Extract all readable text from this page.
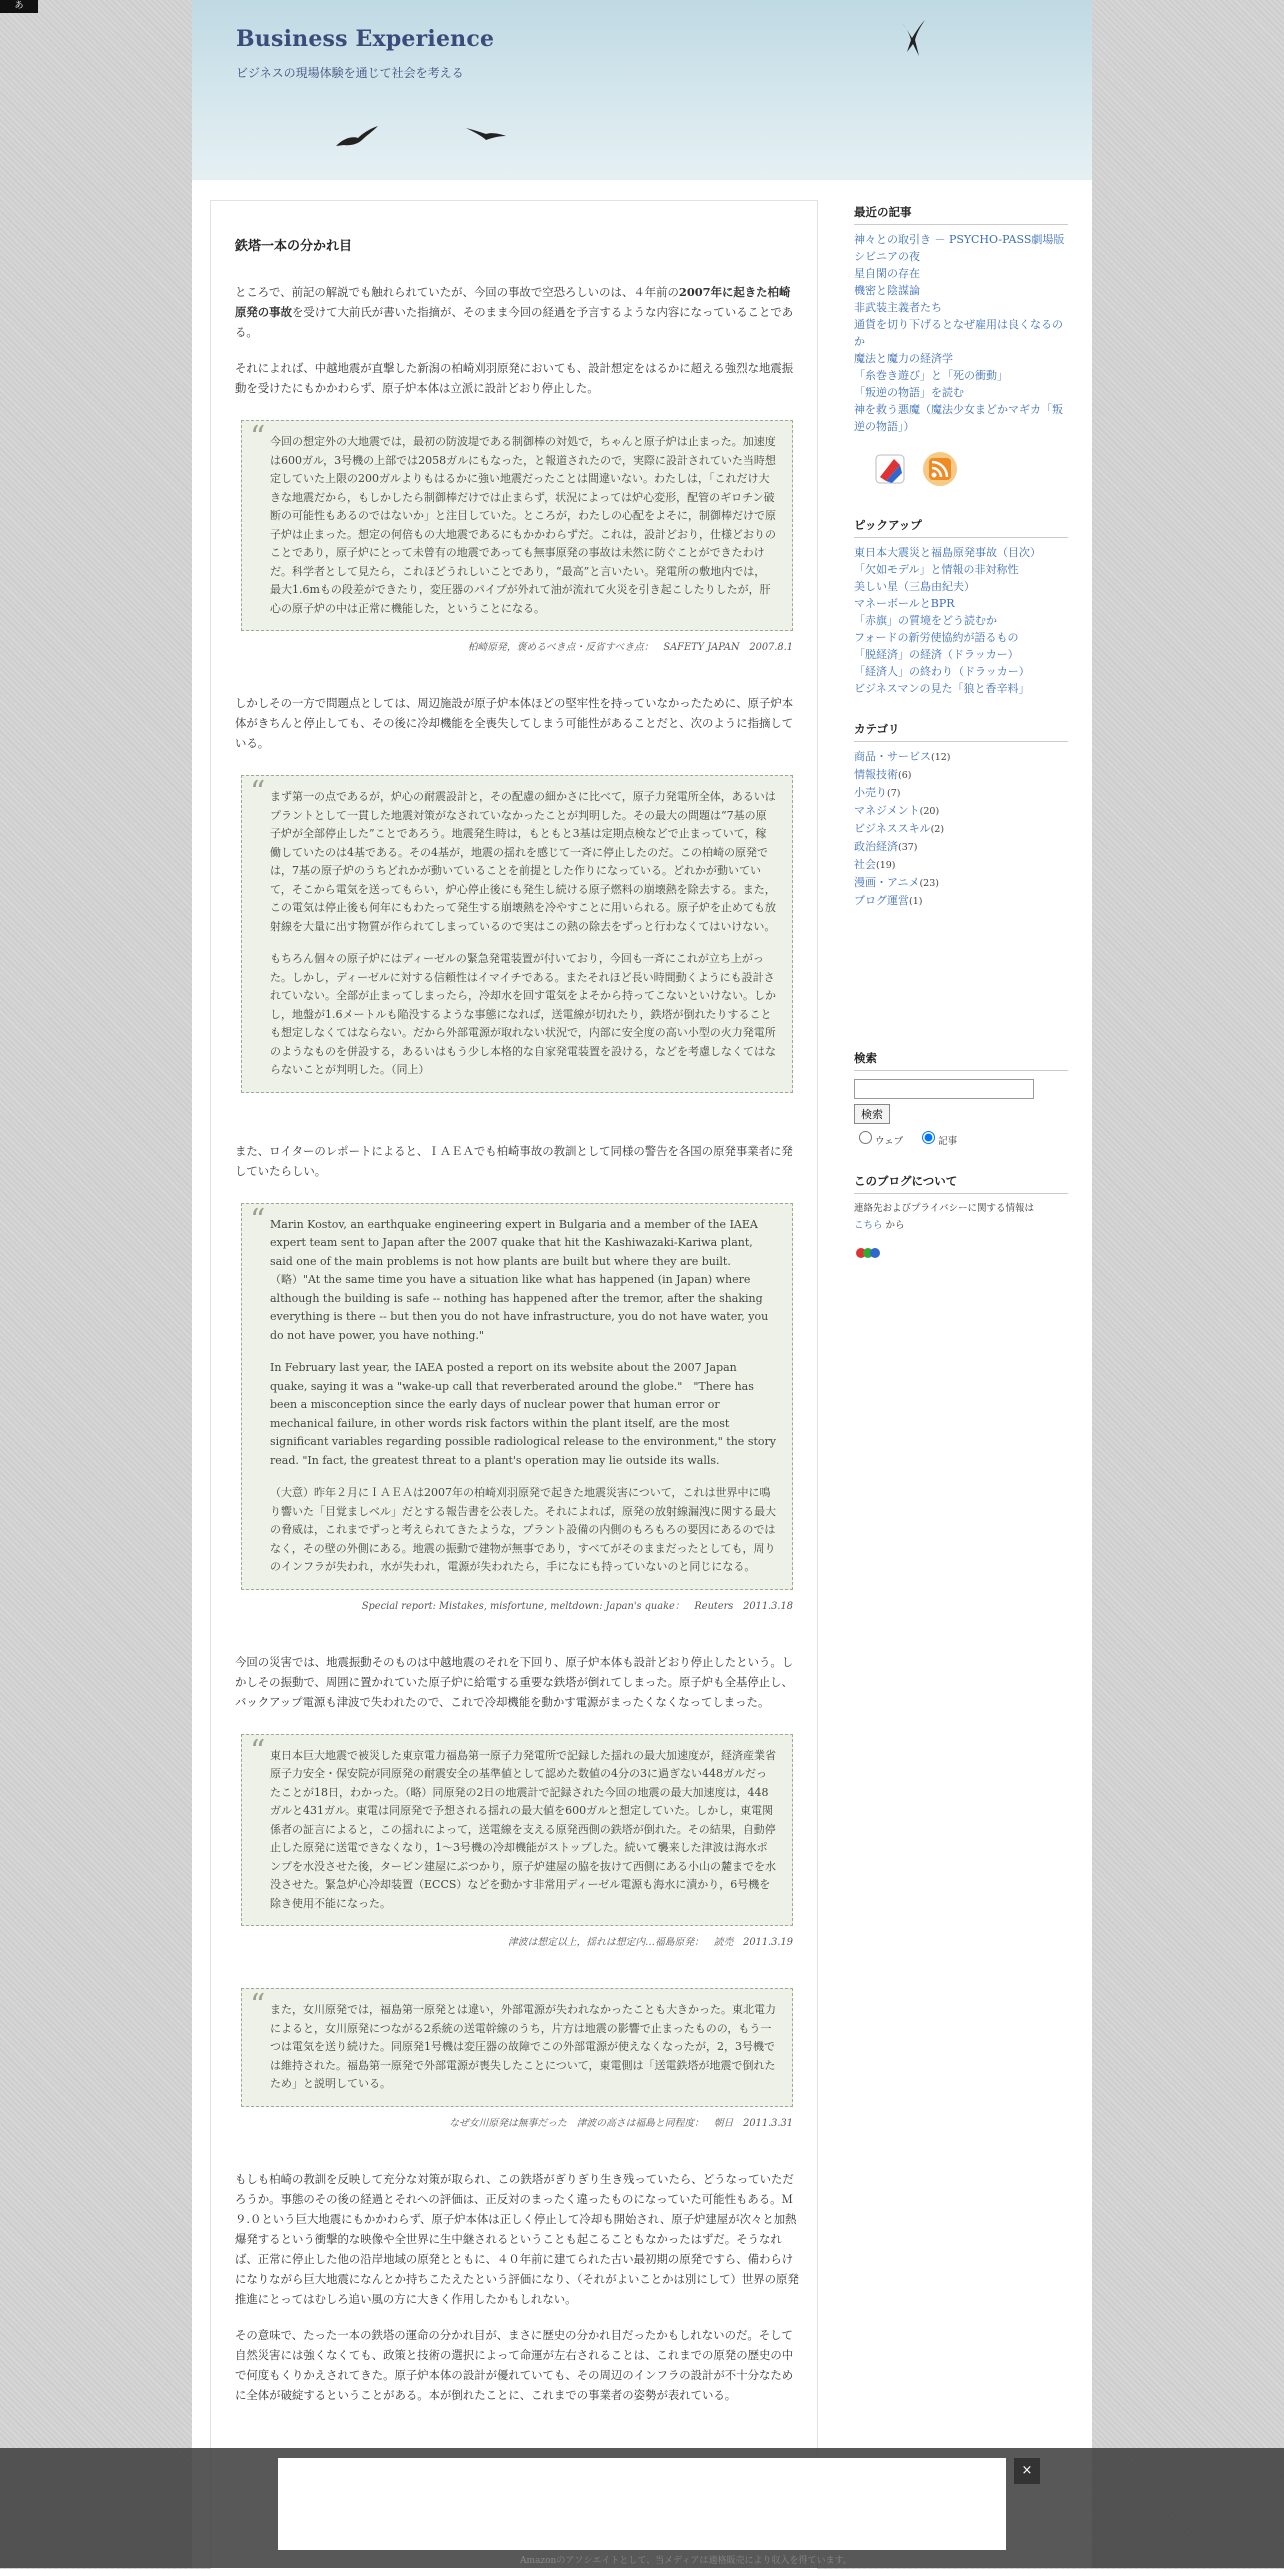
あ
Business Experience
ビジネスの現場体験を通じて社会を考える
鉄塔一本の分かれ目

ところで、前記の解説でも触れられていたが、今回の事故で空恐ろしいのは、４年前の2007年に起きた柏崎原発の事故を受けて大前氏が書いた指摘が、そのまま今回の経過を予言するような内容になっていることである。

それによれば、中越地震が直撃した新潟の柏崎刈羽原発においても、設計想定をはるかに超える強烈な地震振動を受けたにもかかわらず、原子炉本体は立派に設計どおり停止した。

“ 今回の想定外の大地震では，最初の防波堤である制御棒の対処で，ちゃんと原子炉は止まった。加速度は600ガル，3号機の上部では2058ガルにもなった，と報道されたので，実際に設計されていた当時想定していた上限の200ガルよりもはるかに強い地震だったことは間違いない。わたしは，「これだけ大きな地震だから，もしかしたら制御棒だけでは止まらず，状況によっては炉心変形，配管のギロチン破断の可能性もあるのではないか」と注目していた。ところが，わたしの心配をよそに，制御棒だけで原子炉は止まった。想定の何倍もの大地震であるにもかかわらずだ。これは，設計どおり，仕様どおりのことであり，原子炉にとって未曾有の地震であっても無事原発の事故は未然に防ぐことができたわけだ。科学者として見たら，これほどうれしいことであり，“最高”と言いたい。発電所の敷地内では，最大1.6mもの段差ができたり，変圧器のパイプが外れて油が流れて火災を引き起こしたりしたが，肝心の原子炉の中は正常に機能した，ということになる。

柏崎原発，褒めるべき点・反省すべき点：　SAFETY JAPAN　2007.8.1

しかしその一方で問題点としては、周辺施設が原子炉本体ほどの堅牢性を持っていなかったために、原子炉本体がきちんと停止しても、その後に冷却機能を全喪失してしまう可能性があることだと、次のように指摘している。

“ まず第一の点であるが，炉心の耐震設計と，その配慮の細かさに比べて，原子力発電所全体，あるいはプラントとして一貫した地震対策がなされていなかったことが判明した。その最大の問題は“7基の原子炉が全部停止した”ことであろう。地震発生時は，もともと3基は定期点検などで止まっていて，稼働していたのは4基である。その4基が，地震の揺れを感じて一斉に停止したのだ。この柏崎の原発では，7基の原子炉のうちどれかが動いていることを前提とした作りになっている。どれかが動いていて，そこから電気を送ってもらい，炉心停止後にも発生し続ける原子燃料の崩壊熱を除去する。また，この電気は停止後も何年にもわたって発生する崩壊熱を冷やすことに用いられる。原子炉を止めても放射線を大量に出す物質が作られてしまっているので実はこの熱の除去をずっと行わなくてはいけない。

もちろん個々の原子炉にはディーゼルの緊急発電装置が付いており，今回も一斉にこれが立ち上がった。しかし，ディーゼルに対する信頼性はイマイチである。またそれほど長い時間動くようにも設計されていない。全部が止まってしまったら，冷却水を回す電気をよそから持ってこないといけない。しかし，地盤が1.6メートルも陥没するような事態になれば，送電線が切れたり，鉄塔が倒れたりすることも想定しなくてはならない。だから外部電源が取れない状況で，内部に安全度の高い小型の火力発電所のようなものを併設する，あるいはもう少し本格的な自家発電装置を設ける，などを考慮しなくてはならないことが判明した。（同上）

また、ロイターのレポートによると、ＩＡＥＡでも柏崎事故の教訓として同様の警告を各国の原発事業者に発していたらしい。

“ Marin Kostov, an earthquake engineering expert in Bulgaria and a member of the IAEA expert team sent to Japan after the 2007 quake that hit the Kashiwazaki-Kariwa plant, said one of the main problems is not how plants are built but where they are built.（略）"At the same time you have a situation like what has happened (in Japan) where although the building is safe -- nothing has happened after the tremor, after the shaking everything is there -- but then you do not have infrastructure, you do not have water, you do not have power, you have nothing."

In February last year, the IAEA posted a report on its website about the 2007 Japan quake, saying it was a "wake-up call that reverberated around the globe."　"There has been a misconception since the early days of nuclear power that human error or mechanical failure, in other words risk factors within the plant itself, are the most significant variables regarding possible radiological release to the environment," the story read. "In fact, the greatest threat to a plant's operation may lie outside its walls.

（大意）昨年２月にＩＡＥＡは2007年の柏崎刈羽原発で起きた地震災害について，これは世界中に鳴り響いた「目覚ましベル」だとする報告書を公表した。それによれば，原発の放射線漏洩に関する最大の脅威は，これまでずっと考えられてきたような，プラント設備の内側のもろもろの要因にあるのではなく，その壁の外側にある。地震の振動で建物が無事であり，すべてがそのままだったとしても，周りのインフラが失われ，水が失われ，電源が失われたら，手になにも持っていないのと同じになる。

Special report: Mistakes, misfortune, meltdown: Japan's quake：　Reuters　2011.3.18

今回の災害では、地震振動そのものは中越地震のそれを下回り、原子炉本体も設計どおり停止したという。しかしその振動で、周囲に置かれていた原子炉に給電する重要な鉄塔が倒れてしまった。原子炉も全基停止し、バックアップ電源も津波で失われたので、これで冷却機能を動かす電源がまったくなくなってしまった。

“ 東日本巨大地震で被災した東京電力福島第一原子力発電所で記録した揺れの最大加速度が，経済産業省原子力安全・保安院が同原発の耐震安全の基準値として認めた数値の4分の3に過ぎない448ガルだったことが18日，わかった。（略）同原発の2日の地震計で記録された今回の地震の最大加速度は，448ガルと431ガル。東電は同原発で予想される揺れの最大値を600ガルと想定していた。しかし，東電関係者の証言によると，この揺れによって，送電線を支える原発西側の鉄塔が倒れた。その結果，自動停止した原発に送電できなくなり，1～3号機の冷却機能がストップした。続いて襲来した津波は海水ポンプを水没させた後，タービン建屋にぶつかり，原子炉建屋の脇を抜けて西側にある小山の麓までを水没させた。緊急炉心冷却装置（ECCS）などを動かす非常用ディーゼル電源も海水に漬かり，6号機を除き使用不能になった。

津波は想定以上，揺れは想定内…福島原発：　読売　2011.3.19
“ また，女川原発では，福島第一原発とは違い，外部電源が失われなかったことも大きかった。東北電力によると，女川原発につながる2系統の送電幹線のうち，片方は地震の影響で止まったものの，もう一つは電気を送り続けた。同原発1号機は変圧器の故障でこの外部電源が使えなくなったが，2，3号機では維持された。福島第一原発で外部電源が喪失したことについて，東電側は「送電鉄塔が地震で倒れたため」と説明している。

なぜ女川原発は無事だった　津波の高さは福島と同程度：　朝日　2011.3.31

もしも柏崎の教訓を反映して充分な対策が取られ、この鉄塔がぎりぎり生き残っていたら、どうなっていただろうか。事態のその後の経過とそれへの評価は、正反対のまったく違ったものになっていた可能性もある。Ｍ９.０という巨大地震にもかかわらず、原子炉本体は正しく停止して冷却も開始され、原子炉建屋が次々と加熱爆発するという衝撃的な映像や全世界に生中継されるということも起こることもなかったはずだ。そうなれば、正常に停止した他の沿岸地域の原発とともに、４０年前に建てられた古い最初期の原発ですら、備わらけになりながら巨大地震になんとか持ちこたえたという評価になり、（それがよいことかは別にして）世界の原発推進にとってはむしろ追い風の方に大きく作用したかもしれない。

その意味で、たった一本の鉄塔の運命の分かれ目が、まさに歴史の分かれ目だったかもしれないのだ。そして自然災害には強くなくても、政策と技術の選択によって命運が左右されることは、これまでの原発の歴史の中で何度もくりかえされてきた。原子炉本体の設計が優れていても、その周辺のインフラの設計が不十分なために全体が破綻するということがある。本が倒れたことに、これまでの事業者の姿勢が表れている。

最近の記事
神々との取引き － PSYCHO-PASS劇場版
シビニアの夜
星自閑の存在
機密と陰謀論
非武装主義者たち
通貨を切り下げるとなぜ雇用は良くなるのか
魔法と魔力の経済学
「糸巻き遊び」と「死の衝動」
「叛逆の物語」を読む
神を救う悪魔（魔法少女まどかマギカ「叛逆の物語」）
ピックアップ
東日本大震災と福島原発事故（目次）
「欠如モデル」と情報の非対称性
美しい星（三島由紀夫）
マネーボールとBPR
「赤旗」の質境をどう読むか
フォードの新労使協約が語るもの
「脱経済」の経済（ドラッカー）
「経済人」の終わり（ドラッカー）
ビジネスマンの見た「狼と香辛料」
カテゴリ
商品・サービス(12)
情報技術(6)
小売り(7)
マネジメント(20)
ビジネススキル(2)
政治経済(37)
社会(19)
漫画・アニメ(23)
ブログ運営(1)
検索
検索
ウェブ	記事
このブログについて
連絡先およびプライバシーに関する情報は
こちら から
×
Amazonのアソシエイトとして、当メディアは適格販売により収入を得ています。
